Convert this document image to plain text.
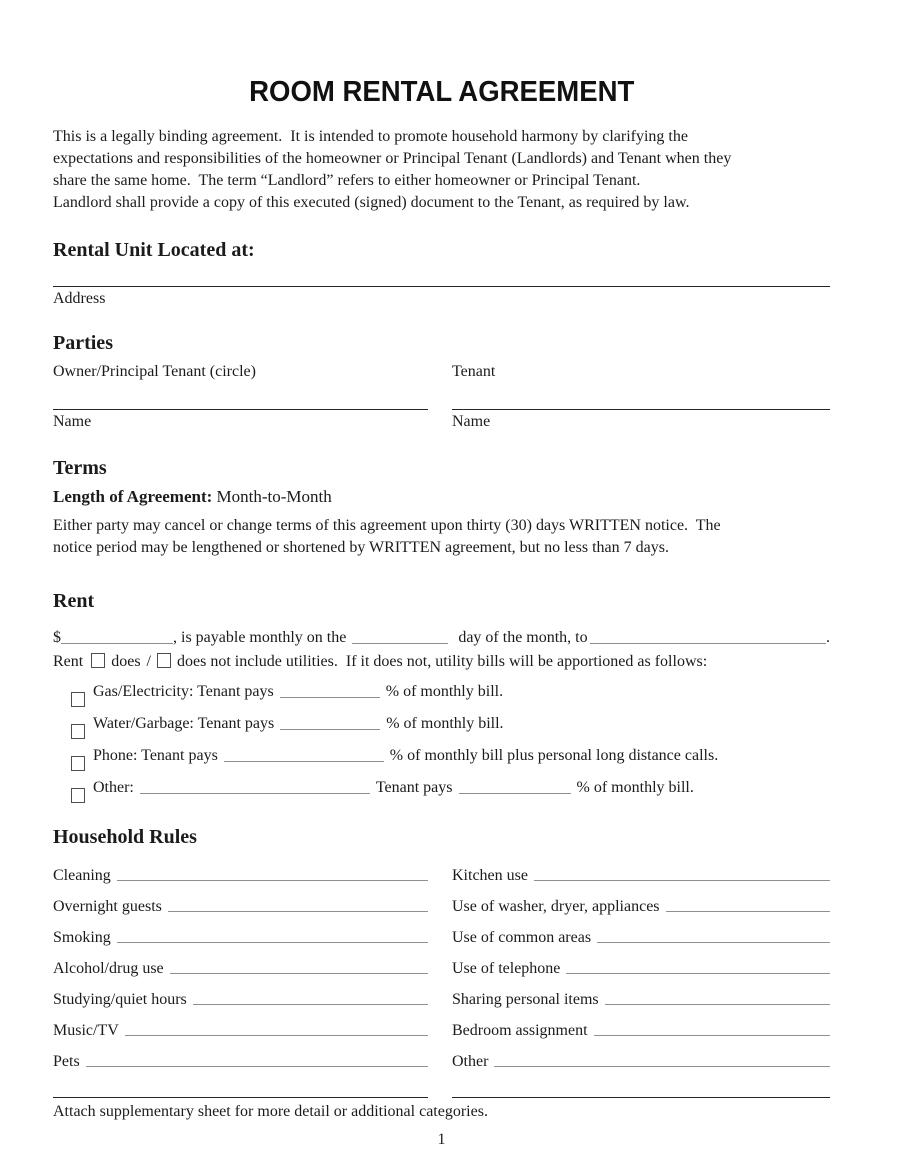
ROOM RENTAL AGREEMENT
This is a legally binding agreement.  It is intended to promote household harmony by clarifying the
expectations and responsibilities of the homeowner or Principal Tenant (Landlords) and Tenant when they
share the same home.  The term “Landlord” refers to either homeowner or Principal Tenant.
Landlord shall provide a copy of this executed (signed) document to the Tenant, as required by law.
Rental Unit Located at:
Address
Parties
Owner/Principal Tenant (circle)	Tenant
Name	Name
Terms
Length of Agreement: Month-to-Month
Either party may cancel or change terms of this agreement upon thirty (30) days WRITTEN notice.  The
notice period may be lengthened or shortened by WRITTEN agreement, but no less than 7 days.
Rent
$	, is payable monthly on the	day of the month, to	.
Rent does / does not include utilities.  If it does not, utility bills will be apportioned as follows:
Gas/Electricity: Tenant pays	% of monthly bill.
Water/Garbage: Tenant pays	% of monthly bill.
Phone: Tenant pays	% of monthly bill plus personal long distance calls.
Other:	Tenant pays	% of monthly bill.
Household Rules
Cleaning	Kitchen use
Overnight guests	Use of washer, dryer, appliances
Smoking	Use of common areas
Alcohol/drug use	Use of telephone
Studying/quiet hours	Sharing personal items
Music/TV	Bedroom assignment
Pets	Other
Attach supplementary sheet for more detail or additional categories.
1
